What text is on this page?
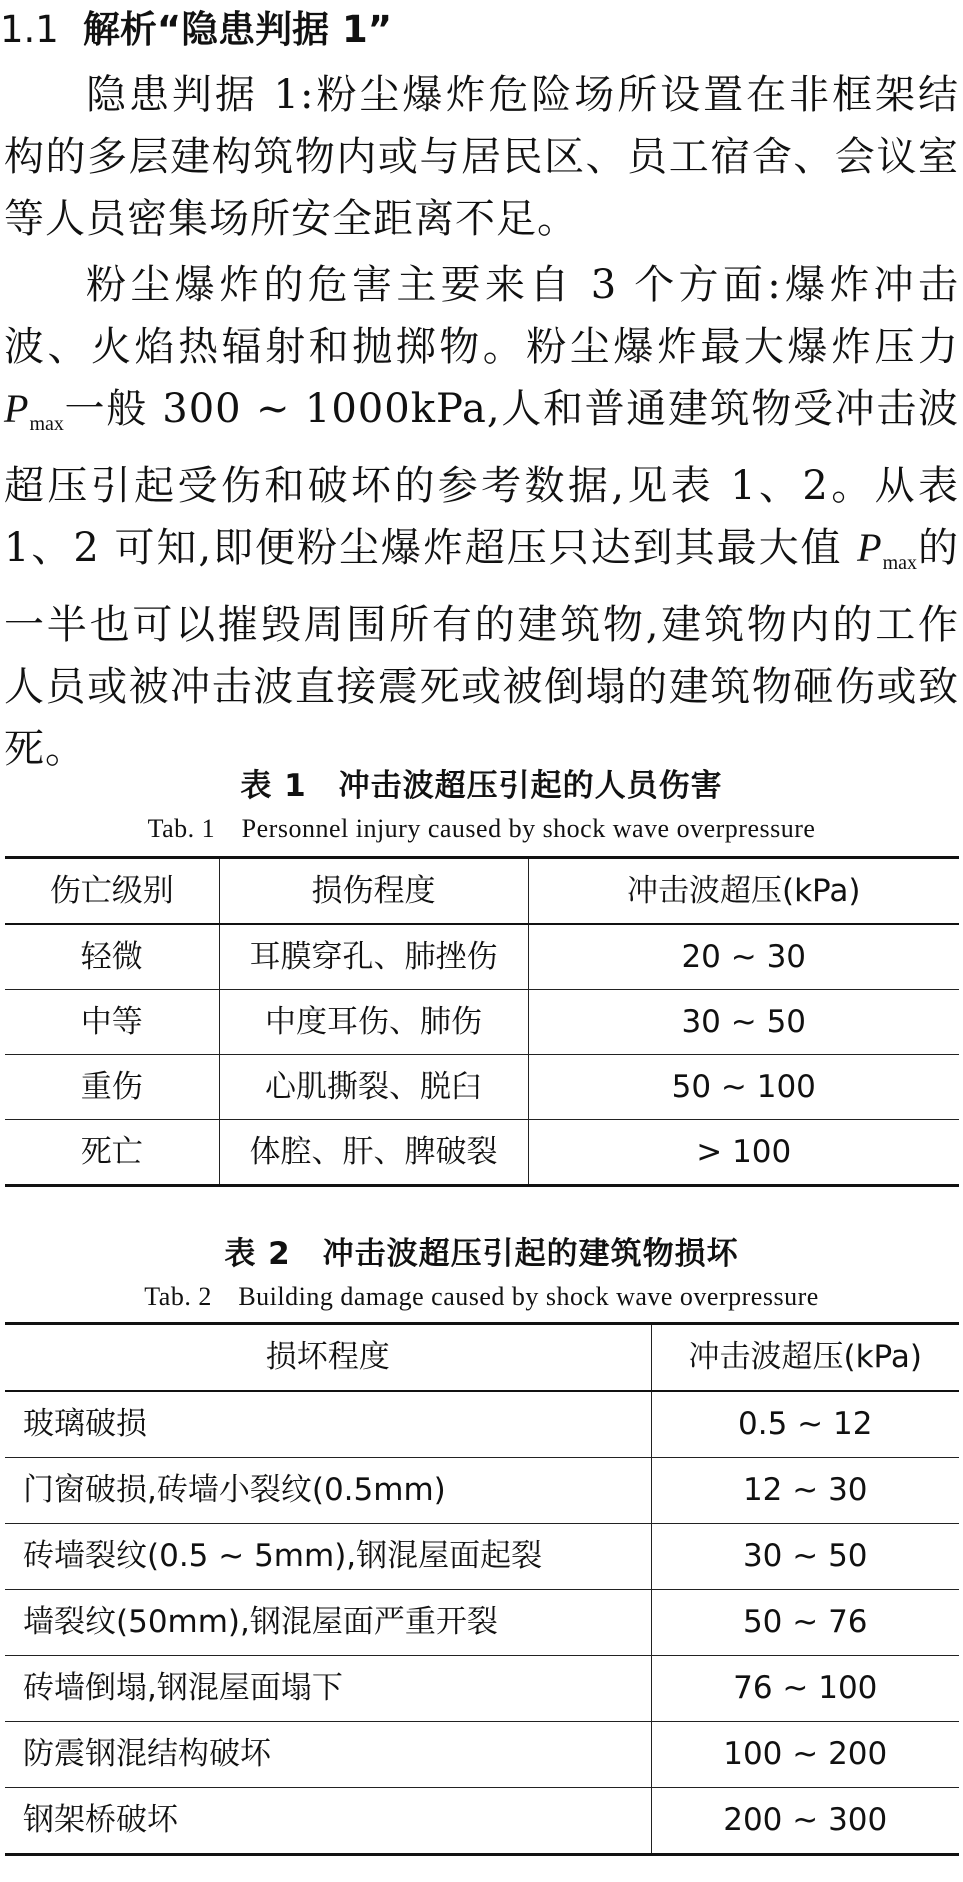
1.1 解析“隐患判据 1”

隐患判据 1:粉尘爆炸危险场所设置在非框架结构的多层建构筑物内或与居民区、员工宿舍、会议室等人员密集场所安全距离不足。

粉尘爆炸的危害主要来自 3 个方面:爆炸冲击波、火焰热辐射和抛掷物。粉尘爆炸最大爆炸压力 $P_{max}$一般 300 ~ 1000kPa,人和普通建筑物受冲击波超压引起受伤和破坏的参考数据,见表 1、2。从表 1、2 可知,即便粉尘爆炸超压只达到其最大值 $P_{max}$的一半也可以摧毁周围所有的建筑物,建筑物内的工作人员或被冲击波直接震死或被倒塌的建筑物砸伤或致死。

表 1　冲击波超压引起的人员伤害
Tab. 1　Personnel injury caused by shock wave overpressure
伤亡级别	损伤程度	冲击波超压(kPa)
轻微	耳膜穿孔、肺挫伤	20 ~ 30
中等	中度耳伤、肺伤	30 ~ 50
重伤	心肌撕裂、脱臼	50 ~ 100
死亡	体腔、肝、脾破裂	> 100
表 2　冲击波超压引起的建筑物损坏
Tab. 2　Building damage caused by shock wave overpressure
损坏程度	冲击波超压(kPa)
玻璃破损	0.5 ~ 12
门窗破损,砖墙小裂纹(0.5mm)	12 ~ 30
砖墙裂纹(0.5 ~ 5mm),钢混屋面起裂	30 ~ 50
墙裂纹(50mm),钢混屋面严重开裂	50 ~ 76
砖墙倒塌,钢混屋面塌下	76 ~ 100
防震钢混结构破坏	100 ~ 200
钢架桥破坏	200 ~ 300
